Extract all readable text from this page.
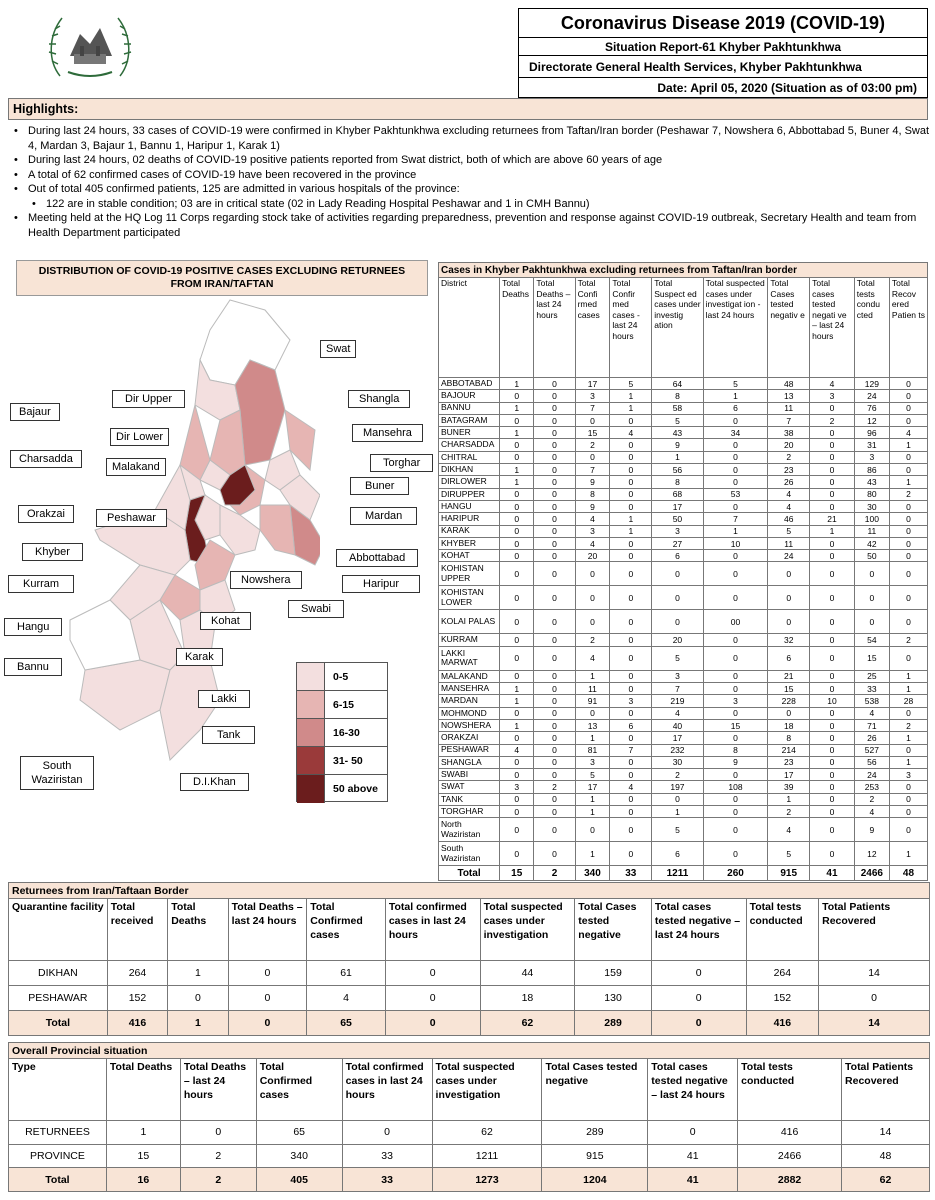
Coronavirus Disease 2019 (COVID-19)
Situation Report-61 Khyber Pakhtunkhwa
Directorate General Health Services, Khyber Pakhtunkhwa
Date: April 05, 2020 (Situation as of 03:00 pm)
Highlights:
• During last 24 hours, 33 cases of COVID-19 were confirmed in Khyber Pakhtunkhwa excluding returnees from Taftan/Iran border (Peshawar 7, Nowshera 6, Abbottabad 5, Buner 4, Swat 4, Mardan 3, Bajaur 1, Bannu 1, Haripur 1, Karak 1)
• During last 24 hours, 02 deaths of COVID-19 positive patients reported from Swat district, both of which are above 60 years of age
• A total of 62 confirmed cases of COVID-19 have been recovered in the province
• Out of total 405 confirmed patients, 125 are admitted in various hospitals of the province:
• 122 are in stable condition; 03 are in critical state (02 in Lady Reading Hospital Peshawar and 1 in CMH Bannu)
• Meeting held at the HQ Log 11 Corps regarding stock take of activities regarding preparedness, prevention and response against COVID-19 outbreak, Secretary Health and team from Health Department participated
DISTRIBUTION OF COVID-19 POSITIVE CASES EXCLUDING RETURNEES FROM IRAN/TAFTAN
Swat
Dir Upper	Shangla
Bajaur
Mansehra
Dir Lower
Torghar
Charsadda
Malakand
Buner
Orakzai	Peshawar	Mardan
Khyber	Abbottabad
Kurram	Nowshera	Haripur
Swabi
Kohat
Hangu
Karak
Bannu
Lakki
Tank
South Waziristan	D.I.Khan
0-5
6-15
16-30
31- 50
50 above
Cases in Khyber Pakhtunkhwa excluding returnees from Taftan/Iran border										
District	Total Deaths	Total Deaths – last 24 hours	Total Confi rmed cases	Total Confir med cases - last 24 hours	Total Suspect ed cases under investig ation	Total suspected cases under investigat ion - last 24 hours	Total Cases tested negativ e	Total cases tested negati ve – last 24 hours	Total tests condu cted	Total Recov ered Patien ts
ABBOTABAD	1	0	17	5	64	5	48	4	129	0
BAJOUR	0	0	3	1	8	1	13	3	24	0
BANNU	1	0	7	1	58	6	11	0	76	0
BATAGRAM	0	0	0	0	5	0	7	2	12	0
BUNER	1	0	15	4	43	34	38	0	96	4
CHARSADDA	0	0	2	0	9	0	20	0	31	1
CHITRAL	0	0	0	0	1	0	2	0	3	0
DIKHAN	1	0	7	0	56	0	23	0	86	0
DIRLOWER	1	0	9	0	8	0	26	0	43	1
DIRUPPER	0	0	8	0	68	53	4	0	80	2
HANGU	0	0	9	0	17	0	4	0	30	0
HARIPUR	0	0	4	1	50	7	46	21	100	0
KARAK	0	0	3	1	3	1	5	1	11	0
KHYBER	0	0	4	0	27	10	11	0	42	0
KOHAT	0	0	20	0	6	0	24	0	50	0
KOHISTAN UPPER	0	0	0	0	0	0	0	0	0	0
KOHISTAN LOWER	0	0	0	0	0	0	0	0	0	0
KOLAI PALAS	0	0	0	0	0	00	0	0	0	0
KURRAM	0	0	2	0	20	0	32	0	54	2
LAKKI MARWAT	0	0	4	0	5	0	6	0	15	0
MALAKAND	0	0	1	0	3	0	21	0	25	1
MANSEHRA	1	0	11	0	7	0	15	0	33	1
MARDAN	1	0	91	3	219	3	228	10	538	28
MOHMOND	0	0	0	0	4	0	0	0	4	0
NOWSHERA	1	0	13	6	40	15	18	0	71	2
ORAKZAI	0	0	1	0	17	0	8	0	26	1
PESHAWAR	4	0	81	7	232	8	214	0	527	0
SHANGLA	0	0	3	0	30	9	23	0	56	1
SWABI	0	0	5	0	2	0	17	0	24	3
SWAT	3	2	17	4	197	108	39	0	253	0
TANK	0	0	1	0	0	0	1	0	2	0
TORGHAR	0	0	1	0	1	0	2	0	4	0
North Waziristan	0	0	0	0	5	0	4	0	9	0
South Waziristan	0	0	1	0	6	0	5	0	12	1
Total	15	2	340	33	1211	260	915	41	2466	48
Returnees from Iran/Taftaan Border										
Quarantine facility	Total received	Total Deaths	Total Deaths – last 24 hours	Total Confirmed cases	Total confirmed cases in last 24 hours	Total suspected cases under investigation	Total Cases tested negative	Total cases tested negative – last 24 hours	Total tests conducted	Total Patients Recovered
DIKHAN	264	1	0	61	0	44	159	0	264	14
PESHAWAR	152	0	0	4	0	18	130	0	152	0
Total	416	1	0	65	0	62	289	0	416	14
Overall Provincial situation									
Type	Total Deaths	Total Deaths – last 24 hours	Total Confirmed cases	Total confirmed cases in last 24 hours	Total suspected cases under investigation	Total Cases tested negative	Total cases tested negative – last 24 hours	Total tests conducted	Total Patients Recovered
RETURNEES	1	0	65	0	62	289	0	416	14
PROVINCE	15	2	340	33	1211	915	41	2466	48
Total	16	2	405	33	1273	1204	41	2882	62
